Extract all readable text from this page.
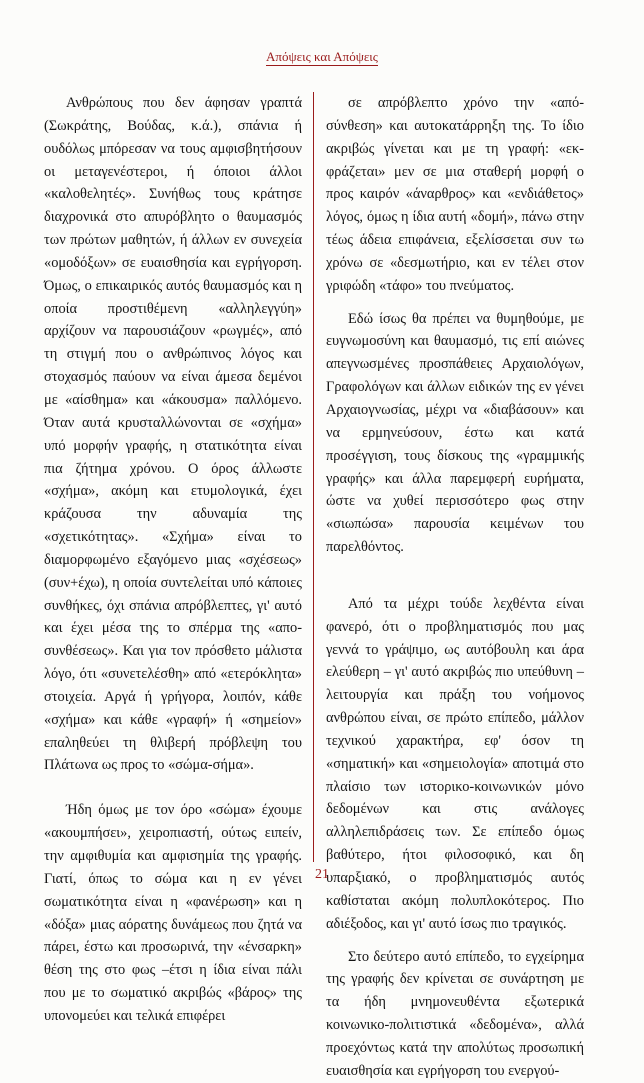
Απόψεις και Απόψεις

Ανθρώπους που δεν άφησαν γραπτά (Σωκράτης, Βούδας, κ.ά.), σπάνια ή ουδόλως μπόρεσαν να τους αμφισβητήσουν οι μεταγενέστεροι, ή όποιοι άλλοι «καλοθελητές». Συνήθως τους κράτησε διαχρονικά στο απυρόβλητο ο θαυμασμός των πρώτων μαθητών, ή άλλων εν συνεχεία «ομοδόξων» σε ευαισθησία και εγρήγορση. Όμως, ο επικαιρικός αυτός θαυμασμός και η οποία προστιθέμενη «αλληλεγγύη» αρχίζουν να παρουσιάζουν «ρωγμές», από τη στιγμή που ο ανθρώπινος λόγος και στοχασμός παύουν να είναι άμεσα δεμένοι με «αίσθημα» και «άκουσμα» παλλόμενο. Όταν αυτά κρυσταλλώνονται σε «σχήμα» υπό μορφήν γραφής, η στατικότητα είναι πια ζήτημα χρόνου. Ο όρος άλλωστε «σχήμα», ακόμη και ετυμολογικά, έχει κράζουσα την αδυναμία της «σχετικότητας». «Σχήμα» είναι το διαμορφωμένο εξαγόμενο μιας «σχέσεως» (συν+έχω), η οποία συντελείται υπό κάποιες συνθήκες, όχι σπάνια απρόβλεπτες, γι' αυτό και έχει μέσα της το σπέρμα της «απο-συνθέσεως». Και για τον πρόσθετο μάλιστα λόγο, ότι «συνετελέσθη» από «ετερόκλητα» στοιχεία. Αργά ή γρήγορα, λοιπόν, κάθε «σχήμα» και κάθε «γραφή» ή «σημείον» επαληθεύει τη θλιβερή πρόβλεψη του Πλάτωνα ως προς το «σώμα-σήμα».

Ήδη όμως με τον όρο «σώμα» έχουμε «ακουμπήσει», χειροπιαστή, ούτως ειπείν, την αμφιθυμία και αμφισημία της γραφής. Γιατί, όπως το σώμα και η εν γένει σωματικότητα είναι η «φανέρωση» και η «δόξα» μιας αόρατης δυνάμεως που ζητά να πάρει, έστω και προσωρινά, την «ένσαρκη» θέση της στο φως –έτσι η ίδια είναι πάλι που με το σωματικό ακριβώς «βάρος» της υπονομεύει και τελικά επιφέρει

σε απρόβλεπτο χρόνο την «από-σύνθεση» και αυτοκατάρρηξη της. Το ίδιο ακριβώς γίνεται και με τη γραφή: «εκ-φράζεται» μεν σε μια σταθερή μορφή ο προς καιρόν «άναρθρος» και «ενδιάθετος» λόγος, όμως η ίδια αυτή «δομή», πάνω στην τέως άδεια επιφάνεια, εξελίσσεται συν τω χρόνω σε «δεσμωτήριο, και εν τέλει στον γριφώδη «τάφο» του πνεύματος.

Εδώ ίσως θα πρέπει να θυμηθούμε, με ευγνωμοσύνη και θαυμασμό, τις επί αιώνες απεγνωσμένες προσπάθειες Αρχαιολόγων, Γραφολόγων και άλλων ειδικών της εν γένει Αρχαιογνωσίας, μέχρι να «διαβάσουν» και να ερμηνεύσουν, έστω και κατά προσέγγιση, τους δίσκους της «γραμμικής γραφής» και άλλα παρεμφερή ευρήματα, ώστε να χυθεί περισσότερο φως στην «σιωπώσα» παρουσία κειμένων του παρελθόντος.

Από τα μέχρι τούδε λεχθέντα είναι φανερό, ότι ο προβληματισμός που μας γεννά το γράψιμο, ως αυτόβουλη και άρα ελεύθερη – γι' αυτό ακριβώς πιο υπεύθυνη – λειτουργία και πράξη του νοήμονος ανθρώπου είναι, σε πρώτο επίπεδο, μάλλον τεχνικού χαρακτήρα, εφ' όσον τη «σηματική» και «σημειολογία» αποτιμά στο πλαίσιο των ιστορικο-κοινωνικών μόνο δεδομένων και στις ανάλογες αλληλεπιδράσεις των. Σε επίπεδο όμως βαθύτερο, ήτοι φιλοσοφικό, και δη υπαρξιακό, ο προβληματισμός αυτός καθίσταται ακόμη πολυπλοκότερος. Πιο αδιέξοδος, και γι' αυτό ίσως πιο τραγικός.

Στο δεύτερο αυτό επίπεδο, το εγχείρημα της γραφής δεν κρίνεται σε συνάρτηση με τα ήδη μνημονευθέντα εξωτερικά κοινωνικο-πολιτιστικά «δεδομένα», αλλά προεχόντως κατά την απολύτως προσωπική ευαισθησία και εγρήγορση του ενεργού-

21
